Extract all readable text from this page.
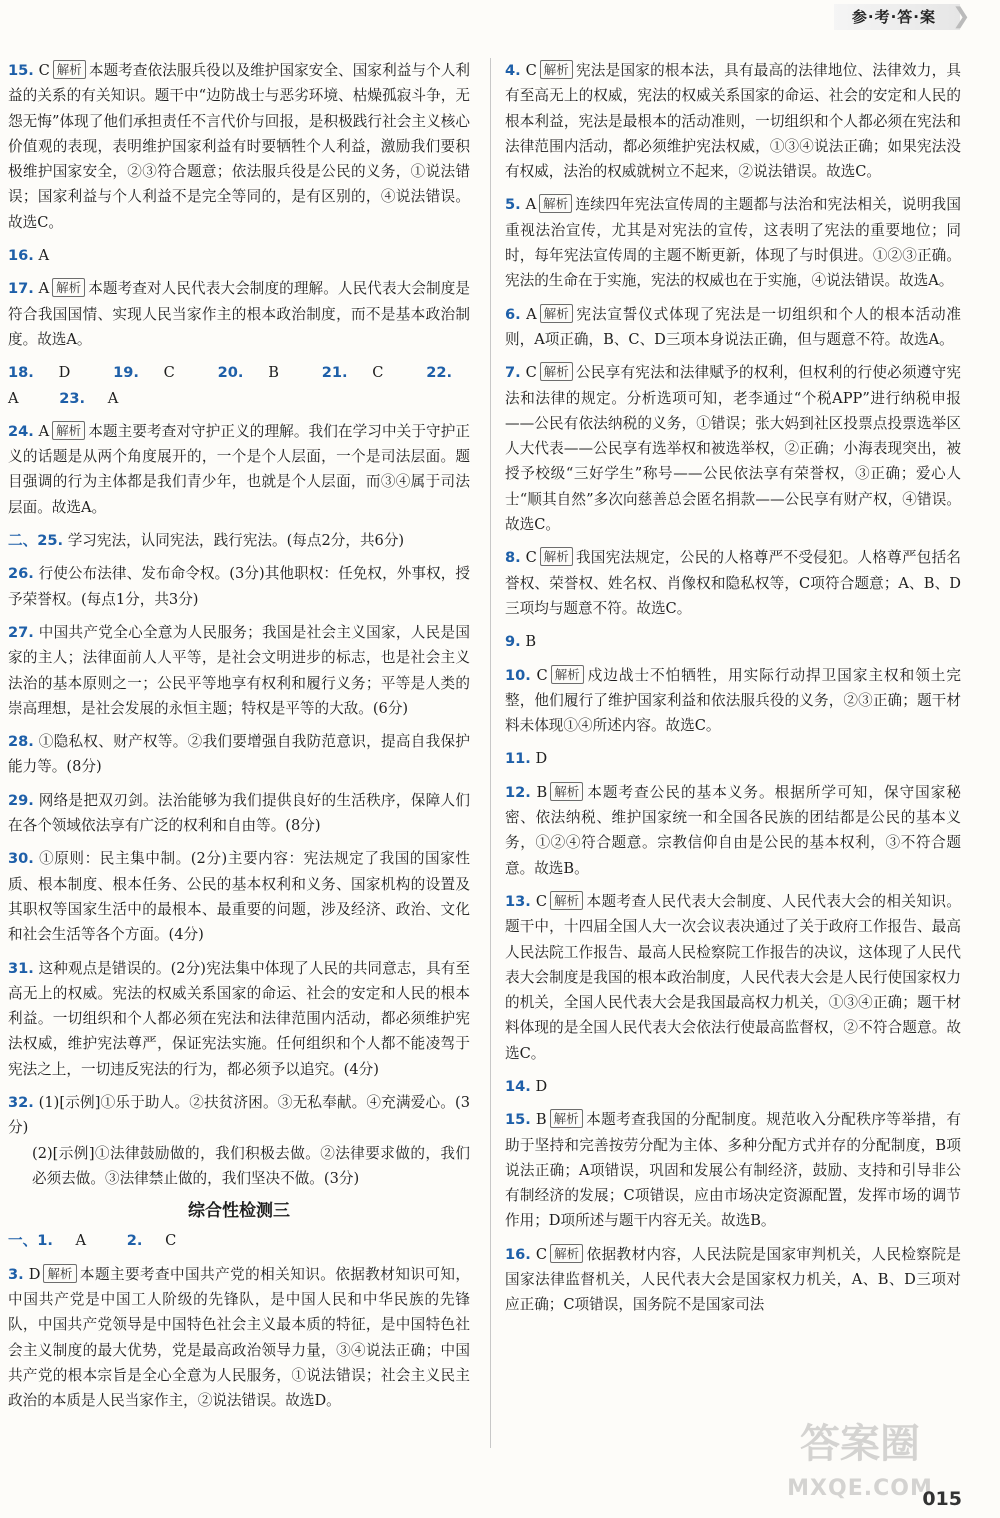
参·考·答·案 ❯

15. C 解析 本题考查依法服兵役以及维护国家安全、国家利益与个人利益的关系的有关知识。题干中“边防战士与恶劣环境、枯燥孤寂斗争，无怨无悔”体现了他们承担责任不言代价与回报，是积极践行社会主义核心价值观的表现，表明维护国家利益有时要牺牲个人利益，激励我们要积极维护国家安全，②③符合题意；依法服兵役是公民的义务，①说法错误；国家利益与个人利益不是完全等同的，是有区别的，④说法错误。故选C。

16. A

17. A 解析 本题考查对人民代表大会制度的理解。人民代表大会制度是符合我国国情、实现人民当家作主的根本政治制度，而不是基本政治制度。故选A。

18. D	19. C	20. B	21. C	22. A	23. A

24. A 解析 本题主要考查对守护正义的理解。我们在学习中关于守护正义的话题是从两个角度展开的，一个是个人层面，一个是司法层面。题目强调的行为主体都是我们青少年，也就是个人层面，而③④属于司法层面。故选A。

二、25. 学习宪法，认同宪法，践行宪法。(每点2分，共6分)

26. 行使公布法律、发布命令权。(3分)其他职权：任免权，外事权，授予荣誉权。(每点1分，共3分)

27. 中国共产党全心全意为人民服务；我国是社会主义国家，人民是国家的主人；法律面前人人平等，是社会文明进步的标志，也是社会主义法治的基本原则之一；公民平等地享有权利和履行义务；平等是人类的崇高理想，是社会发展的永恒主题；特权是平等的大敌。(6分)

28. ①隐私权、财产权等。②我们要增强自我防范意识，提高自我保护能力等。(8分)

29. 网络是把双刃剑。法治能够为我们提供良好的生活秩序，保障人们在各个领域依法享有广泛的权利和自由等。(8分)

30. ①原则：民主集中制。(2分)主要内容：宪法规定了我国的国家性质、根本制度、根本任务、公民的基本权利和义务、国家机构的设置及其职权等国家生活中的最根本、最重要的问题，涉及经济、政治、文化和社会生活等各个方面。(4分)

31. 这种观点是错误的。(2分)宪法集中体现了人民的共同意志，具有至高无上的权威。宪法的权威关系国家的命运、社会的安定和人民的根本利益。一切组织和个人都必须在宪法和法律范围内活动，都必须维护宪法权威，维护宪法尊严，保证宪法实施。任何组织和个人都不能凌驾于宪法之上，一切违反宪法的行为，都必须予以追究。(4分)

32. (1)[示例]①乐于助人。②扶贫济困。③无私奉献。④充满爱心。(3分)

(2)[示例]①法律鼓励做的，我们积极去做。②法律要求做的，我们必须去做。③法律禁止做的，我们坚决不做。(3分)

综合性检测三

一、1. A	2. C

3. D 解析 本题主要考查中国共产党的相关知识。依据教材知识可知，中国共产党是中国工人阶级的先锋队，是中国人民和中华民族的先锋队，中国共产党领导是中国特色社会主义最本质的特征，是中国特色社会主义制度的最大优势，党是最高政治领导力量，③④说法正确；中国共产党的根本宗旨是全心全意为人民服务，①说法错误；社会主义民主政治的本质是人民当家作主，②说法错误。故选D。

4. C 解析 宪法是国家的根本法，具有最高的法律地位、法律效力，具有至高无上的权威，宪法的权威关系国家的命运、社会的安定和人民的根本利益，宪法是最根本的活动准则，一切组织和个人都必须在宪法和法律范围内活动，都必须维护宪法权威，①③④说法正确；如果宪法没有权威，法治的权威就树立不起来，②说法错误。故选C。

5. A 解析 连续四年宪法宣传周的主题都与法治和宪法相关，说明我国重视法治宣传，尤其是对宪法的宣传，这表明了宪法的重要地位；同时，每年宪法宣传周的主题不断更新，体现了与时俱进。①②③正确。宪法的生命在于实施，宪法的权威也在于实施，④说法错误。故选A。

6. A 解析 宪法宣誓仪式体现了宪法是一切组织和个人的根本活动准则，A项正确，B、C、D三项本身说法正确，但与题意不符。故选A。

7. C 解析 公民享有宪法和法律赋予的权利，但权利的行使必须遵守宪法和法律的规定。分析选项可知，老李通过“个税APP”进行纳税申报——公民有依法纳税的义务，①错误；张大妈到社区投票点投票选举区人大代表——公民享有选举权和被选举权，②正确；小海表现突出，被授予校级“三好学生”称号——公民依法享有荣誉权，③正确；爱心人士“顺其自然”多次向慈善总会匿名捐款——公民享有财产权，④错误。故选C。

8. C 解析 我国宪法规定，公民的人格尊严不受侵犯。人格尊严包括名誉权、荣誉权、姓名权、肖像权和隐私权等，C项符合题意；A、B、D三项均与题意不符。故选C。

9. B

10. C 解析 戍边战士不怕牺牲，用实际行动捍卫国家主权和领土完整，他们履行了维护国家利益和依法服兵役的义务，②③正确；题干材料未体现①④所述内容。故选C。

11. D

12. B 解析 本题考查公民的基本义务。根据所学可知，保守国家秘密、依法纳税、维护国家统一和全国各民族的团结都是公民的基本义务，①②④符合题意。宗教信仰自由是公民的基本权利，③不符合题意。故选B。

13. C 解析 本题考查人民代表大会制度、人民代表大会的相关知识。题干中，十四届全国人大一次会议表决通过了关于政府工作报告、最高人民法院工作报告、最高人民检察院工作报告的决议，这体现了人民代表大会制度是我国的根本政治制度，人民代表大会是人民行使国家权力的机关，全国人民代表大会是我国最高权力机关，①③④正确；题干材料体现的是全国人民代表大会依法行使最高监督权，②不符合题意。故选C。

14. D

15. B 解析 本题考查我国的分配制度。规范收入分配秩序等举措，有助于坚持和完善按劳分配为主体、多种分配方式并存的分配制度，B项说法正确；A项错误，巩固和发展公有制经济，鼓励、支持和引导非公有制经济的发展；C项错误，应由市场决定资源配置，发挥市场的调节作用；D项所述与题干内容无关。故选B。

16. C 解析 依据教材内容，人民法院是国家审判机关，人民检察院是国家法律监督机关，人民代表大会是国家权力机关，A、B、D三项对应正确；C项错误，国务院不是国家司法

答案圈
MXQE.COM
015
